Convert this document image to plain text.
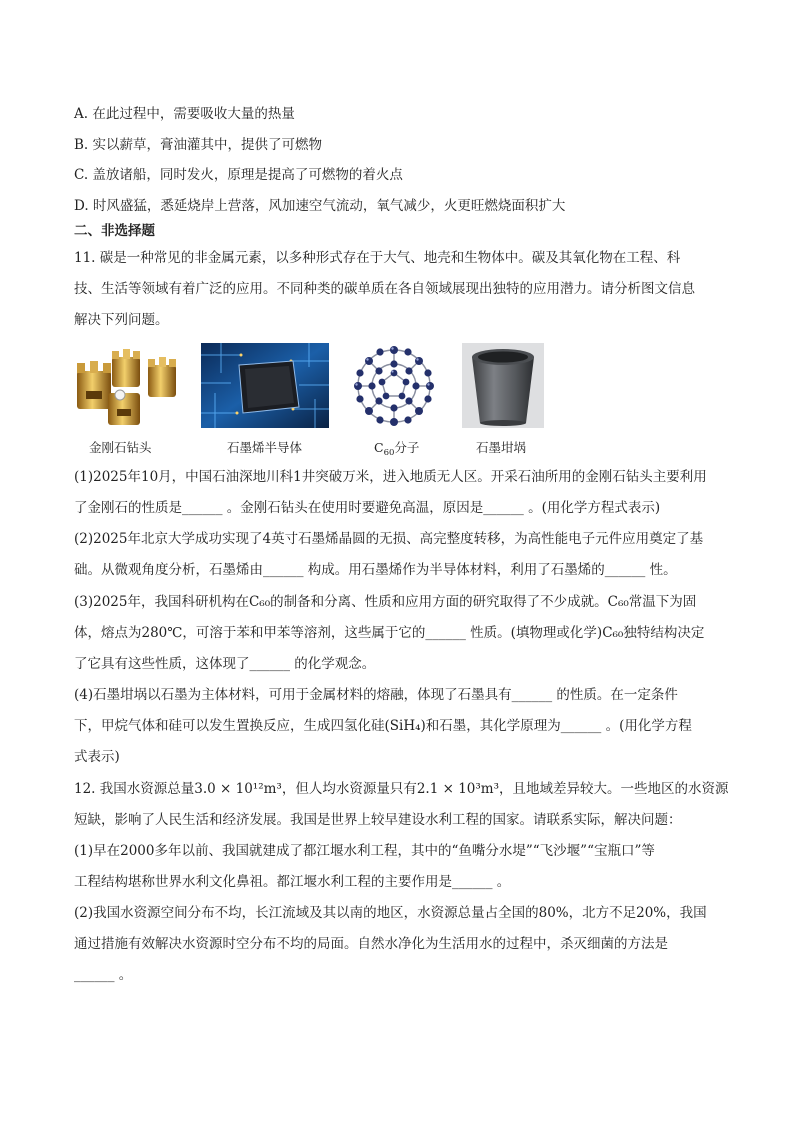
A. 在此过程中，需要吸收大量的热量
B. 实以薪草，膏油灌其中，提供了可燃物
C. 盖放诸船，同时发火，原理是提高了可燃物的着火点
D. 时风盛猛，悉延烧岸上营落，风加速空气流动，氧气减少，火更旺燃烧面积扩大
二、非选择题
11. 碳是一种常见的非金属元素，以多种形式存在于大气、地壳和生物体中。碳及其氧化物在工程、科
技、生活等领域有着广泛的应用。不同种类的碳单质在各自领域展现出独特的应用潜力。请分析图文信息
解决下列问题。
金刚石钻头	石墨烯半导体	$C_{60}$分子	石墨坩埚
(1)2025年10月，中国石油深地川科1井突破万米，进入地质无人区。开采石油所用的金刚石钻头主要利用
了金刚石的性质是______ 。金刚石钻头在使用时要避免高温，原因是______ 。(用化学方程式表示)
(2)2025年北京大学成功实现了4英寸石墨烯晶圆的无损、高完整度转移，为高性能电子元件应用奠定了基
础。从微观角度分析，石墨烯由______ 构成。用石墨烯作为半导体材料，利用了石墨烯的______ 性。
(3)2025年，我国科研机构在C₆₀的制备和分离、性质和应用方面的研究取得了不少成就。C₆₀常温下为固
体，熔点为280℃，可溶于苯和甲苯等溶剂，这些属于它的______ 性质。(填物理或化学)C₆₀独特结构决定
了它具有这些性质，这体现了______ 的化学观念。
(4)石墨坩埚以石墨为主体材料，可用于金属材料的熔融，体现了石墨具有______ 的性质。在一定条件
下，甲烷气体和硅可以发生置换反应，生成四氢化硅(SiH₄)和石墨，其化学原理为______ 。(用化学方程
式表示)
12. 我国水资源总量3.0 × 10¹²m³，但人均水资源量只有2.1 × 10³m³，且地域差异较大。一些地区的水资源
短缺，影响了人民生活和经济发展。我国是世界上较早建设水利工程的国家。请联系实际，解决问题：
(1)早在2000多年以前、我国就建成了都江堰水利工程，其中的“鱼嘴分水堤”“飞沙堰”“宝瓶口”等
工程结构堪称世界水利文化鼻祖。都江堰水利工程的主要作用是______ 。
(2)我国水资源空间分布不均，长江流域及其以南的地区，水资源总量占全国的80%，北方不足20%，我国
通过措施有效解决水资源时空分布不均的局面。自然水净化为生活用水的过程中，杀灭细菌的方法是
______ 。
